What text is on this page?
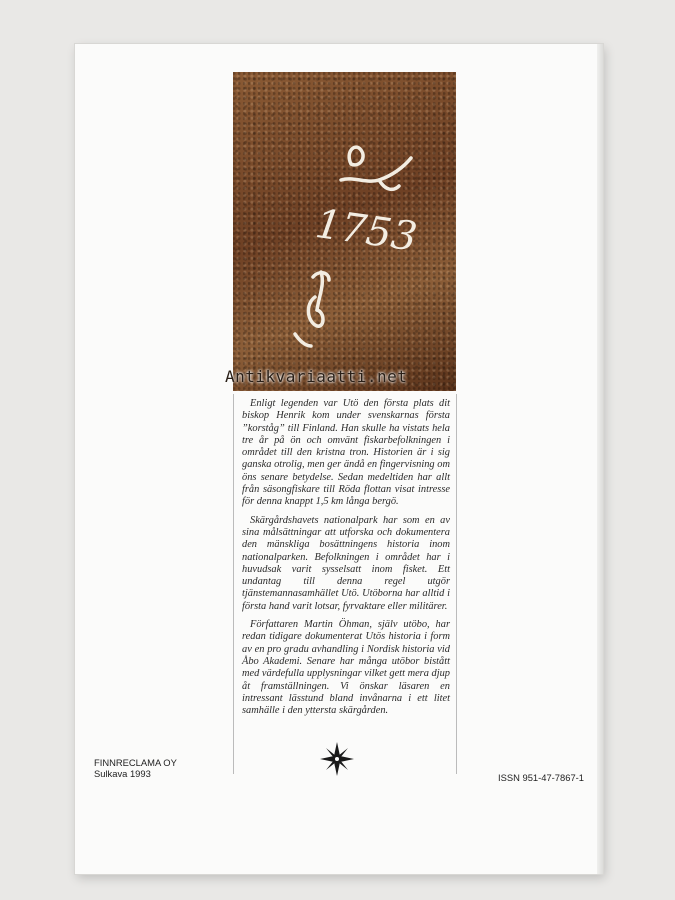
1753
Antikvariaatti.net

Enligt legenden var Utö den första plats dit biskop Henrik kom under svenskarnas första ”korståg” till Finland. Han skulle ha vistats hela tre år på ön och omvänt fiskarbefolkningen i området till den kristna tron. Historien är i sig ganska otrolig, men ger ändå en fingervisning om öns senare betydelse. Sedan medeltiden har allt från säsongfiskare till Röda flottan visat intresse för denna knappt 1,5 km långa bergö.

Skärgårdshavets nationalpark har som en av sina målsättningar att utforska och dokumentera den mänskliga bosättningens historia inom nationalparken. Befolkningen i området har i huvudsak varit sysselsatt inom fisket. Ett undantag till denna regel utgör tjänstemannasamhället Utö. Utöborna har alltid i första hand varit lotsar, fyrvaktare eller militärer.

Författaren Martin Öhman, själv utöbo, har redan tidigare dokumenterat Utös historia i form av en pro gradu avhandling i Nordisk historia vid Åbo Akademi. Senare har många utöbor bistått med värdefulla upplysningar vilket gett mera djup åt framställningen. Vi önskar läsaren en intressant lässtund bland invånarna i ett litet samhälle i den yttersta skärgården.

FINNRECLAMA OY
Sulkava 1993	ISSN 951-47-7867-1
